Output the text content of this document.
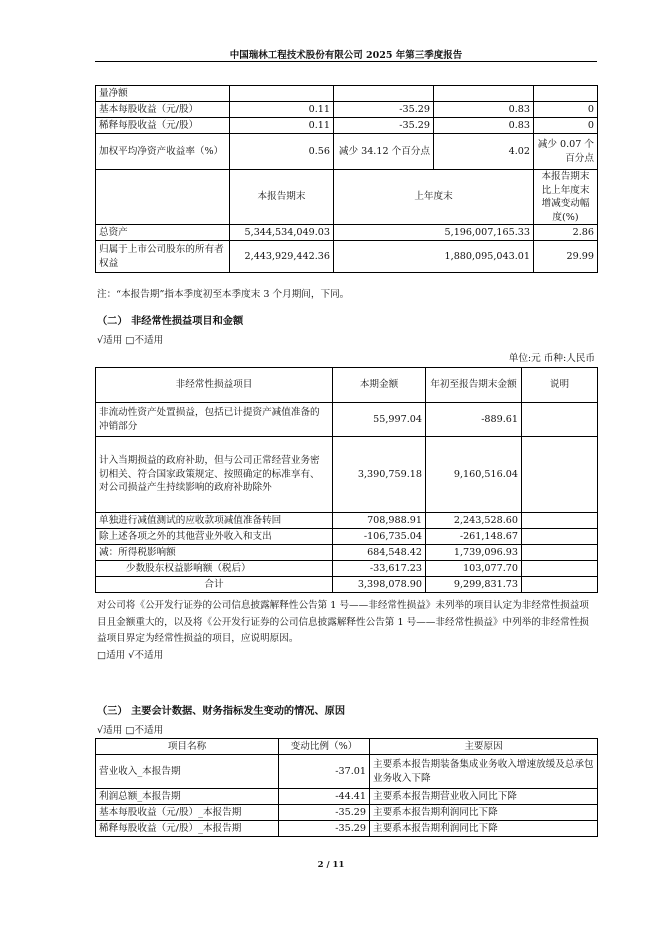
中国瑞林工程技术股份有限公司 2025 年第三季度报告
量净额				
基本每股收益（元/股）	0.11	-35.29	0.83	0
稀释每股收益（元/股）	0.11	-35.29	0.83	0
加权平均净资产收益率（%）	0.56	减少 34.12 个百分点	4.02	减少 0.07 个百分点
	本报告期末	上年度末		本报告期末比上年度末增减变动幅度(%)
总资产	5,344,534,049.03	5,196,007,165.33		2.86
归属于上市公司股东的所有者权益	2,443,929,442.36	1,880,095,043.01		29.99
注：“本报告期”指本季度初至本季度末 3 个月期间，下同。
（二） 非经常性损益项目和金额
√适用 □不适用
单位:元 币种:人民币
非经常性损益项目	本期金额	年初至报告期末金额	说明
非流动性资产处置损益，包括已计提资产减值准备的冲销部分	55,997.04	-889.61	
计入当期损益的政府补助，但与公司正常经营业务密切相关、符合国家政策规定、按照确定的标准享有、对公司损益产生持续影响的政府补助除外	3,390,759.18	9,160,516.04	
单独进行减值测试的应收款项减值准备转回	708,988.91	2,243,528.60	
除上述各项之外的其他营业外收入和支出	-106,735.04	-261,148.67	
减：所得税影响额	684,548.42	1,739,096.93	
少数股东权益影响额（税后）	-33,617.23	103,077.70	
合计	3,398,078.90	9,299,831.73	
对公司将《公开发行证券的公司信息披露解释性公告第 1 号——非经常性损益》未列举的项目认定为非经常性损益项目且金额重大的，以及将《公开发行证券的公司信息披露解释性公告第 1 号——非经常性损益》中列举的非经常性损益项目界定为经常性损益的项目，应说明原因。
□适用 √不适用
（三） 主要会计数据、财务指标发生变动的情况、原因
√适用 □不适用
项目名称	变动比例（%）	主要原因
营业收入_本报告期	-37.01	主要系本报告期装备集成业务收入增速放缓及总承包业务收入下降
利润总额_本报告期	-44.41	主要系本报告期营业收入同比下降
基本每股收益（元/股）_本报告期	-35.29	主要系本报告期利润同比下降
稀释每股收益（元/股）_本报告期	-35.29	主要系本报告期利润同比下降
2 / 11
